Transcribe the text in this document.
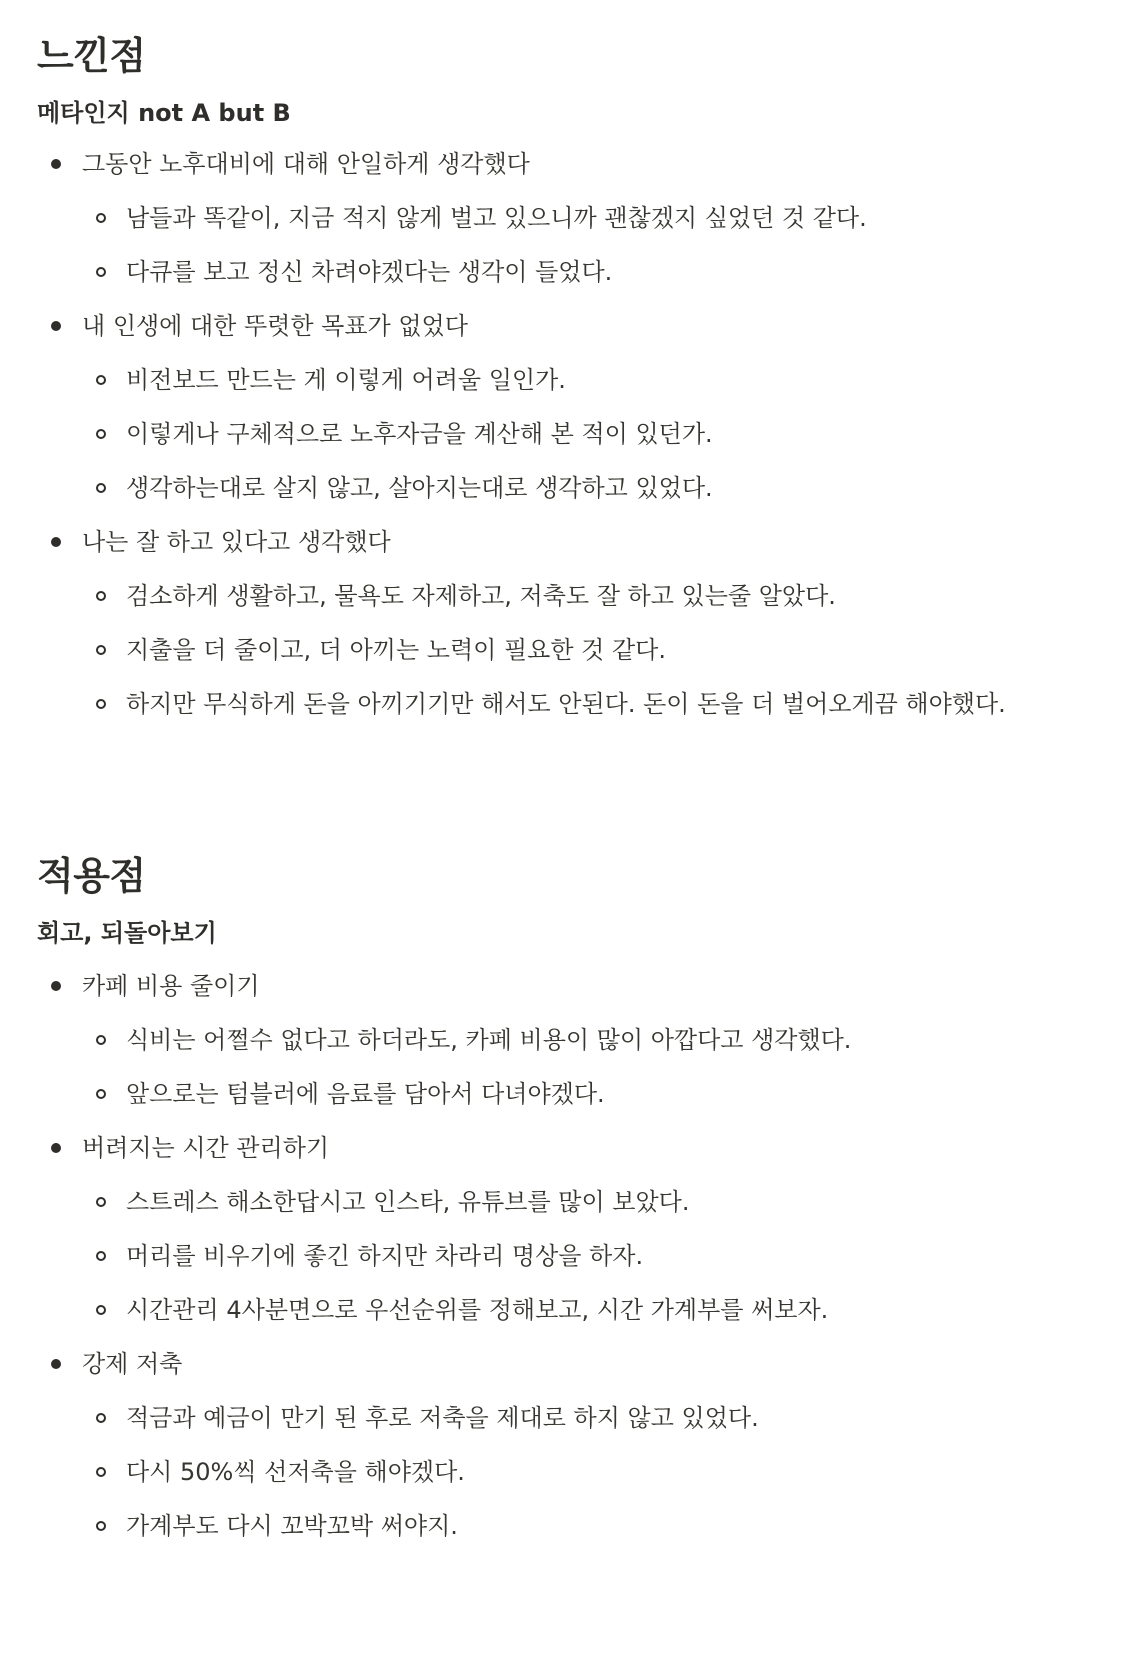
느낀점
메타인지 not A but B
그동안 노후대비에 대해 안일하게 생각했다
남들과 똑같이, 지금 적지 않게 벌고 있으니까 괜찮겠지 싶었던 것 같다.
다큐를 보고 정신 차려야겠다는 생각이 들었다.
내 인생에 대한 뚜렷한 목표가 없었다
비전보드 만드는 게 이렇게 어려울 일인가.
이렇게나 구체적으로 노후자금을 계산해 본 적이 있던가.
생각하는대로 살지 않고, 살아지는대로 생각하고 있었다.
나는 잘 하고 있다고 생각했다
검소하게 생활하고, 물욕도 자제하고, 저축도 잘 하고 있는줄 알았다.
지출을 더 줄이고, 더 아끼는 노력이 필요한 것 같다.
하지만 무식하게 돈을 아끼기기만 해서도 안된다. 돈이 돈을 더 벌어오게끔 해야했다.
적용점
회고, 되돌아보기
카페 비용 줄이기
식비는 어쩔수 없다고 하더라도, 카페 비용이 많이 아깝다고 생각했다.
앞으로는 텀블러에 음료를 담아서 다녀야겠다.
버려지는 시간 관리하기
스트레스 해소한답시고 인스타, 유튜브를 많이 보았다.
머리를 비우기에 좋긴 하지만 차라리 명상을 하자.
시간관리 4사분면으로 우선순위를 정해보고, 시간 가계부를 써보자.
강제 저축
적금과 예금이 만기 된 후로 저축을 제대로 하지 않고 있었다.
다시 50%씩 선저축을 해야겠다.
가계부도 다시 꼬박꼬박 써야지.
